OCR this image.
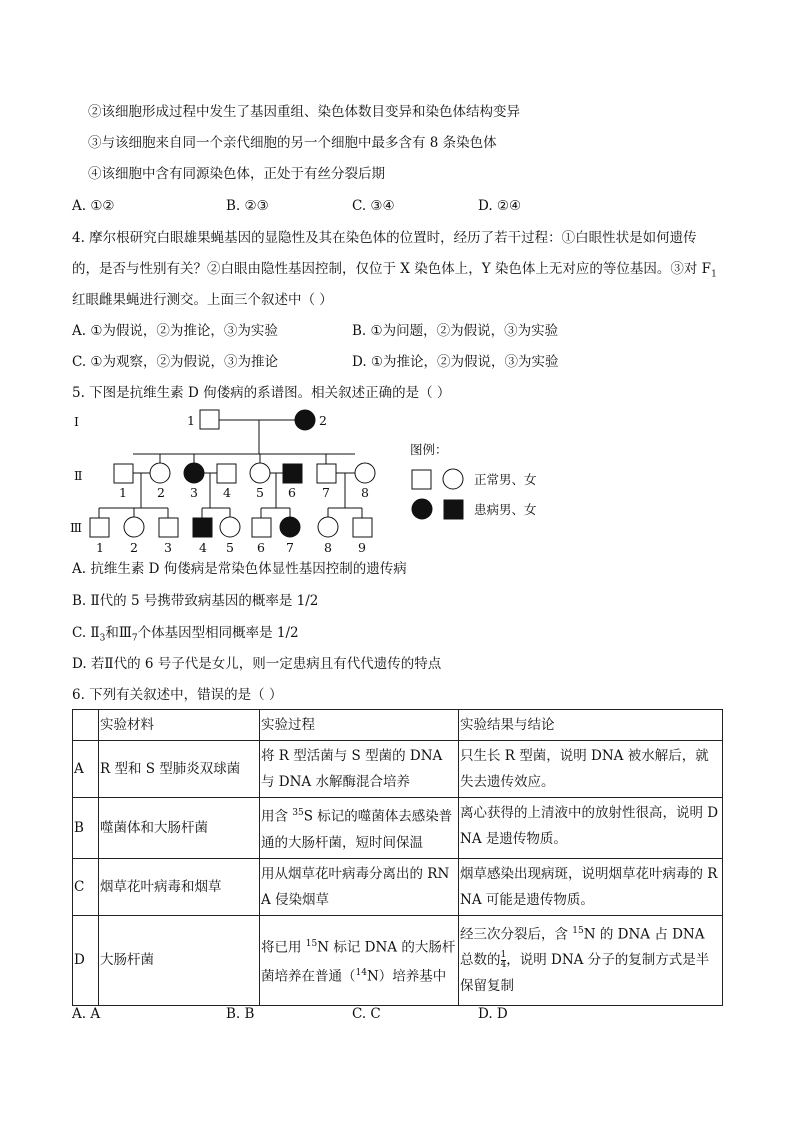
②该细胞形成过程中发生了基因重组、染色体数目变异和染色体结构变异
③与该细胞来自同一个亲代细胞的另一个细胞中最多含有 8 条染色体
④该细胞中含有同源染色体，正处于有丝分裂后期
A. ①②	B. ②③	C. ③④	D. ②④
4. 摩尔根研究白眼雄果蝇基因的显隐性及其在染色体的位置时，经历了若干过程：①白眼性状是如何遗传
的，是否与性别有关？②白眼由隐性基因控制，仅位于 X 染色体上，Y 染色体上无对应的等位基因。③对 $F_1$
红眼雌果蝇进行测交。上面三个叙述中（ ）
A. ①为假说，②为推论，③为实验	B. ①为问题，②为假说，③为实验
C. ①为观察，②为假说，③为推论	D. ①为推论，②为假说，③为实验
5. 下图是抗维生素 D 佝偻病的系谱图。相关叙述正确的是（ ）
Ⅰ
Ⅱ
Ⅲ
1	2
1 2 3 4 5 6 7 8
1 2 3 4 5 6 7 8 9
图例：
正常男、女
患病男、女
A. 抗维生素 D 佝偻病是常染色体显性基因控制的遗传病
B. Ⅱ代的 5 号携带致病基因的概率是 1/2
C. $Ⅱ_3$和$Ⅲ_7$个体基因型相同概率是 1/2
D. 若Ⅱ代的 6 号子代是女儿，则一定患病且有代代遗传的特点
6. 下列有关叙述中，错误的是（ ）
	实验材料	实验过程	实验结果与结论
A	R 型和 S 型肺炎双球菌	将 R 型活菌与 S 型菌的 DNA 与 DNA 水解酶混合培养	只生长 R 型菌，说明 DNA 被水解后，就失去遗传效应。
B	噬菌体和大肠杆菌	用含 $^{35}$S 标记的噬菌体去感染普通的大肠杆菌，短时间保温	离心获得的上清液中的放射性很高，说明 DNA 是遗传物质。
C	烟草花叶病毒和烟草	用从烟草花叶病毒分离出的 RNA 侵染烟草	烟草感染出现病斑，说明烟草花叶病毒的 RNA 可能是遗传物质。
D	大肠杆菌	将已用 $^{15}$N 标记 DNA 的大肠杆菌培养在普通（$^{14}$N）培养基中	经三次分裂后，含 $^{15}$N 的 DNA 占 DNA 总数的 $\frac{1}{4}$ ，说明 DNA 分子的复制方式是半保留复制
A. A	B. B	C. C	D. D
